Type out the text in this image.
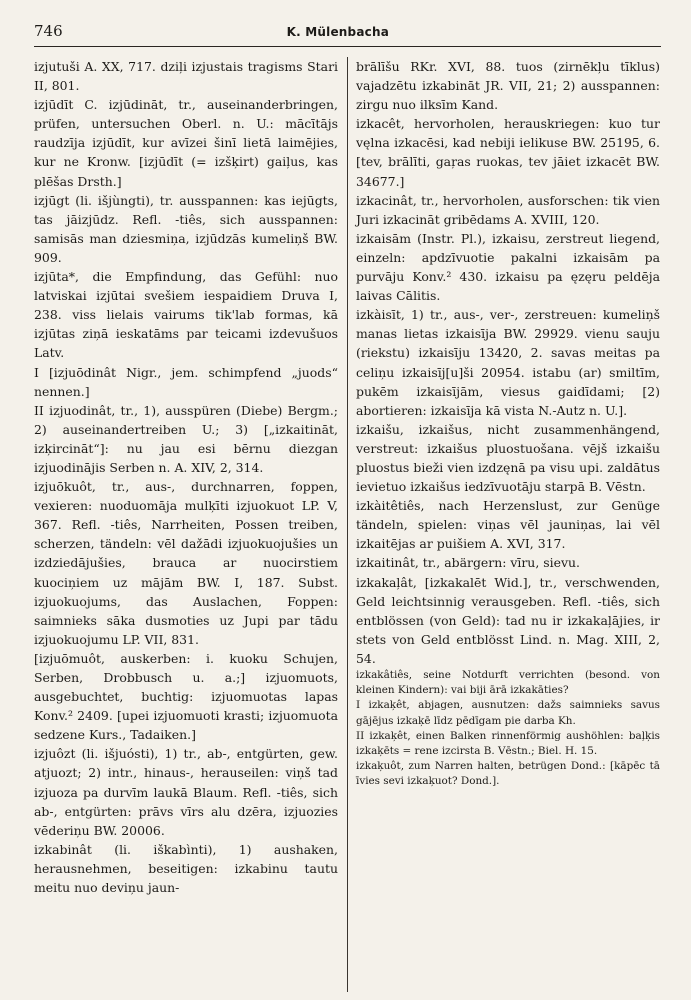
746	K. Mülenbacha

izjutuši A. XX, 717. dziļi izjustais tragisms Stari II, 801.

izjūdīt C. izjūdināt, tr., auseinanderbringen, prüfen, untersuchen Oberl. n. U.: mācītājs raudzīja izjūdīt, kur avīzei šinī lietā laimējies, kur ne Kronw. [izjūdīt (= izšķirt) gaiļus, kas plēšas Drsth.]

izjūgt (li. išjùngti), tr. ausspannen: kas iejūgts, tas jāizjūdz. Refl. -tiês, sich ausspannen: samisās man dziesmiņa, izjūdzās kumeliņš BW. 909.

izjūta*, die Empfindung, das Gefühl: nuo latviskai izjūtai svešiem iespaidiem Druva I, 238. viss lielais vairums tik'lab formas, kā izjūtas ziņā ieskatāms par teicami izdevušuos Latv.

I [izjuōdinât Nigr., jem. schimpfend „juods“ nennen.]

II izjuodinât, tr., 1), ausspüren (Diebe) Bergm.; 2) auseinandertreiben U.; 3) [„izkaitināt, izķircināt“]: nu jau esi bērnu diezgan izjuodinājis Serben n. A. XIV, 2, 314.

izjuōkuôt, tr., aus-, durchnarren, foppen, vexieren: nuoduomāja mulķīti izjuokuot LP. V, 367. Refl. -tiês, Narrheiten, Possen treiben, scherzen, tändeln: vēl dažādi izjuokuojušies un izdziedājušies, brauca ar nuocirstiem kuociņiem uz mājām BW. I, 187. Subst. izjuokuojums, das Auslachen, Foppen: saimnieks sāka dusmoties uz Jupi par tādu izjuokuojumu LP. VII, 831.

[izjuōmuôt, auskerben: i. kuoku Schujen, Serben, Drobbusch u. a.;] izjuomuots, ausgebuchtet, buchtig: izjuomuotas lapas Konv.² 2409. [upei izjuomuoti krasti; izjuomuota sedzene Kurs., Tadaiken.]

izjuôzt (li. išjuósti), 1) tr., ab-, entgürten, gew. atjuozt; 2) intr., hinaus-, herauseilen: viņš tad izjuoza pa durvīm laukā Blaum. Refl. -tiês, sich ab-, entgürten: prāvs vīrs alu dzēra, izjuozies vēderiņu BW. 20006.

izkabinât (li. iškabìnti), 1) aushaken, herausnehmen, beseitigen: izkabinu tautu meitu nuo deviņu jaun-

brālīšu RKr. XVI, 88. tuos (zirnēkļu tīklus) vajadzētu izkabināt JR. VII, 21; 2) ausspannen: zirgu nuo ilksīm Kand.

izkacêt, hervorholen, herauskriegen: kuo tur vęlna izkacēsi, kad nebiji ielikuse BW. 25195, 6. [tev, brālīti, gaŗas ruokas, tev jāiet izkacēt BW. 34677.]

izkacinât, tr., hervorholen, ausforschen: tik vien Juri izkacināt gribēdams A. XVIII, 120.

izkaisām (Instr. Pl.), izkaisu, zerstreut liegend, einzeln: apdzīvuotie pakalni izkaisām pa purvāju Konv.² 430. izkaisu pa ęzęru peldēja laivas Cālitis.

izkàisīt, 1) tr., aus-, ver-, zerstreuen: kumeliņš manas lietas izkaisīja BW. 29929. vienu sauju (riekstu) izkaisīju 13420, 2. savas meitas pa celiņu izkaisīj[u]ši 20954. istabu (ar) smiltīm, pukēm izkaisījām, viesus gaidīdami; [2) abortieren: izkaisīja kā vista N.-Autz n. U.].

izkaišu, izkaišus, nicht zusammenhängend, verstreut: izkaišus pluostuošana. vējš izkaišu pluostus bieži vien izdzęnā pa visu upi. zaldātus ievietuo izkaišus iedzīvuotāju starpā B. Vēstn.

izkàitêtiês, nach Herzenslust, zur Genüge tändeln, spielen: viņas vēl jauniņas, lai vēl izkaitējas ar puišiem A. XVI, 317.

izkaitinât, tr., abärgern: vīru, sievu.

izkakaļât, [izkakalēt Wid.], tr., verschwenden, Geld leichtsinnig verausgeben. Refl. -tiês, sich entblössen (von Geld): tad nu ir izkakaļājies, ir stets von Geld entblösst Lind. n. Mag. XIII, 2, 54.

izkakâtiês, seine Notdurft verrichten (besond. von kleinen Kindern): vai biji ārā izkakāties?

I izkaķêt, abjagen, ausnutzen: dažs saimnieks savus gājējus izkaķē līdz pēdīgam pie darba Kh.

II izkaķêt, einen Balken rinnenförmig aushöhlen: baļķis izkaķēts = rene izcirsta B. Vēstn.; Biel. H. 15.

izkaķuôt, zum Narren halten, betrügen Dond.: [kāpēc tā īvies sevi izkaķuot? Dond.].
